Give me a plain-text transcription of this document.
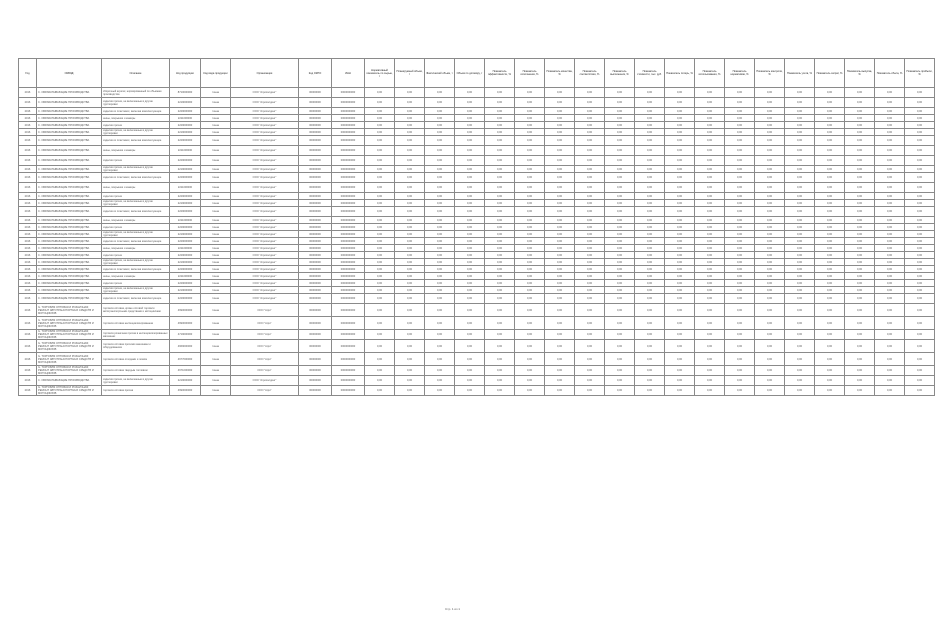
Год	ОКВЭД	Описание	Код продукции	Код вида продукции	Организация	Код ОКПО	ИНН	Нормативный показатель по сырью, т	Планируемый объем, т	Фактический объем, т	Объем по договору, т	Показатель эффективности, %	Показатель исполнения, %	Показатель качества, %	Показатель соответствия, %	Показатель выполнения, %	Показатель стоимости, тыс. руб.	Показатель потерь, %	Показатель использования, %	Показатель нормативов, %	Показатель контроля, %	Показатель учета, %	Показатель затрат, %	Показатель выпуска, %	Показатель сбыта, %	Показатель прибыли, %
2016	С. ОБРАБАТЫВАЮЩИЕ ПРОИЗВОДСТВА	сборочный агрегат, нормированный по объемам производства	8710000000	тонна	ООО "Агрохолдинг"	00000000	0000000000	0,00	0,00	0,00	0,00	0,00	0,00	0,00	0,00	0,00	0,00	0,00	0,00	0,00	0,00	0,00	0,00	0,00	0,00	0,00
2016	С. ОБРАБАТЫВАЮЩИЕ ПРОИЗВОДСТВА	изделия прочие, не включенные в другие группировки	2219000000	тонна	ООО "Агрохолдинг"	00000000	0000000000	0,00	0,00	0,00	0,00	0,00	0,00	0,00	0,00	0,00	0,00	0,00	0,00	0,00	0,00	0,00	0,00	0,00	0,00	0,00
2016	С. ОБРАБАТЫВАЮЩИЕ ПРОИЗВОДСТВА	изделия из пластмасс, включая комплектующие	2229000000	тонна	ООО "Агрохолдинг"	00000000	0000000000	0,00	0,00	0,00	0,00	0,00	0,00	0,00	0,00	0,00	0,00	0,00	0,00	0,00	0,00	0,00	0,00	0,00	0,00	0,00
2016	С. ОБРАБАТЫВАЮЩИЕ ПРОИЗВОДСТВА	шины, покрышки и камеры	2211000000	тонна	ООО "Агрохолдинг"	00000000	0000000000	0,00	0,00	0,00	0,00	0,00	0,00	0,00	0,00	0,00	0,00	0,00	0,00	0,00	0,00	0,00	0,00	0,00	0,00	0,00
2016	С. ОБРАБАТЫВАЮЩИЕ ПРОИЗВОДСТВА	изделия прочие	2229000000	тонна	ООО "Агрохолдинг"	00000000	0000000000	0,00	0,00	0,00	0,00	0,00	0,00	0,00	0,00	0,00	0,00	0,00	0,00	0,00	0,00	0,00	0,00	0,00	0,00	0,00
2016	С. ОБРАБАТЫВАЮЩИЕ ПРОИЗВОДСТВА	изделия прочие, не включенные в другие группировки	2219000000	тонна	ООО "Агрохолдинг"	00000000	0000000000	0,00	0,00	0,00	0,00	0,00	0,00	0,00	0,00	0,00	0,00	0,00	0,00	0,00	0,00	0,00	0,00	0,00	0,00	0,00
2016	С. ОБРАБАТЫВАЮЩИЕ ПРОИЗВОДСТВА	изделия из пластмасс, включая комплектующие	2229000000	тонна	ООО "Агрохолдинг"	00000000	0000000000	0,00	0,00	0,00	0,00	0,00	0,00	0,00	0,00	0,00	0,00	0,00	0,00	0,00	0,00	0,00	0,00	0,00	0,00	0,00
2016	С. ОБРАБАТЫВАЮЩИЕ ПРОИЗВОДСТВА	шины, покрышки и камеры	2211000000	тонна	ООО "Агрохолдинг"	00000000	0000000000	0,00	0,00	0,00	0,00	0,00	0,00	0,00	0,00	0,00	0,00	0,00	0,00	0,00	0,00	0,00	0,00	0,00	0,00	0,00
2016	С. ОБРАБАТЫВАЮЩИЕ ПРОИЗВОДСТВА	изделия прочие	2229000000	тонна	ООО "Агрохолдинг"	00000000	0000000000	0,00	0,00	0,00	0,00	0,00	0,00	0,00	0,00	0,00	0,00	0,00	0,00	0,00	0,00	0,00	0,00	0,00	0,00	0,00
2016	С. ОБРАБАТЫВАЮЩИЕ ПРОИЗВОДСТВА	изделия прочие, не включенные в другие группировки	2219000000	тонна	ООО "Агрохолдинг"	00000000	0000000000	0,00	0,00	0,00	0,00	0,00	0,00	0,00	0,00	0,00	0,00	0,00	0,00	0,00	0,00	0,00	0,00	0,00	0,00	0,00
2016	С. ОБРАБАТЫВАЮЩИЕ ПРОИЗВОДСТВА	изделия из пластмасс, включая комплектующие	2229000000	тонна	ООО "Агрохолдинг"	00000000	0000000000	0,00	0,00	0,00	0,00	0,00	0,00	0,00	0,00	0,00	0,00	0,00	0,00	0,00	0,00	0,00	0,00	0,00	0,00	0,00
2016	С. ОБРАБАТЫВАЮЩИЕ ПРОИЗВОДСТВА	шины, покрышки и камеры	2211000000	тонна	ООО "Агрохолдинг"	00000000	0000000000	0,00	0,00	0,00	0,00	0,00	0,00	0,00	0,00	0,00	0,00	0,00	0,00	0,00	0,00	0,00	0,00	0,00	0,00	0,00
2016	С. ОБРАБАТЫВАЮЩИЕ ПРОИЗВОДСТВА	изделия прочие	2229000000	тонна	ООО "Агрохолдинг"	00000000	0000000000	0,00	0,00	0,00	0,00	0,00	0,00	0,00	0,00	0,00	0,00	0,00	0,00	0,00	0,00	0,00	0,00	0,00	0,00	0,00
2016	С. ОБРАБАТЫВАЮЩИЕ ПРОИЗВОДСТВА	изделия прочие, не включенные в другие группировки	2219000000	тонна	ООО "Агрохолдинг"	00000000	0000000000	0,00	0,00	0,00	0,00	0,00	0,00	0,00	0,00	0,00	0,00	0,00	0,00	0,00	0,00	0,00	0,00	0,00	0,00	0,00
2016	С. ОБРАБАТЫВАЮЩИЕ ПРОИЗВОДСТВА	изделия из пластмасс, включая комплектующие	2229000000	тонна	ООО "Агрохолдинг"	00000000	0000000000	0,00	0,00	0,00	0,00	0,00	0,00	0,00	0,00	0,00	0,00	0,00	0,00	0,00	0,00	0,00	0,00	0,00	0,00	0,00
2016	С. ОБРАБАТЫВАЮЩИЕ ПРОИЗВОДСТВА	шины, покрышки и камеры	2211000000	тонна	ООО "Агрохолдинг"	00000000	0000000000	0,00	0,00	0,00	0,00	0,00	0,00	0,00	0,00	0,00	0,00	0,00	0,00	0,00	0,00	0,00	0,00	0,00	0,00	0,00
2016	С. ОБРАБАТЫВАЮЩИЕ ПРОИЗВОДСТВА	изделия прочие	2229000000	тонна	ООО "Агрохолдинг"	00000000	0000000000	0,00	0,00	0,00	0,00	0,00	0,00	0,00	0,00	0,00	0,00	0,00	0,00	0,00	0,00	0,00	0,00	0,00	0,00	0,00
2016	С. ОБРАБАТЫВАЮЩИЕ ПРОИЗВОДСТВА	изделия прочие, не включенные в другие группировки	2219000000	тонна	ООО "Агрохолдинг"	00000000	0000000000	0,00	0,00	0,00	0,00	0,00	0,00	0,00	0,00	0,00	0,00	0,00	0,00	0,00	0,00	0,00	0,00	0,00	0,00	0,00
2016	С. ОБРАБАТЫВАЮЩИЕ ПРОИЗВОДСТВА	изделия из пластмасс, включая комплектующие	2229000000	тонна	ООО "Агрохолдинг"	00000000	0000000000	0,00	0,00	0,00	0,00	0,00	0,00	0,00	0,00	0,00	0,00	0,00	0,00	0,00	0,00	0,00	0,00	0,00	0,00	0,00
2016	С. ОБРАБАТЫВАЮЩИЕ ПРОИЗВОДСТВА	шины, покрышки и камеры	2211000000	тонна	ООО "Агрохолдинг"	00000000	0000000000	0,00	0,00	0,00	0,00	0,00	0,00	0,00	0,00	0,00	0,00	0,00	0,00	0,00	0,00	0,00	0,00	0,00	0,00	0,00
2016	С. ОБРАБАТЫВАЮЩИЕ ПРОИЗВОДСТВА	изделия прочие	2229000000	тонна	ООО "Агрохолдинг"	00000000	0000000000	0,00	0,00	0,00	0,00	0,00	0,00	0,00	0,00	0,00	0,00	0,00	0,00	0,00	0,00	0,00	0,00	0,00	0,00	0,00
2016	С. ОБРАБАТЫВАЮЩИЕ ПРОИЗВОДСТВА	изделия прочие, не включенные в другие группировки	2219000000	тонна	ООО "Агрохолдинг"	00000000	0000000000	0,00	0,00	0,00	0,00	0,00	0,00	0,00	0,00	0,00	0,00	0,00	0,00	0,00	0,00	0,00	0,00	0,00	0,00	0,00
2016	С. ОБРАБАТЫВАЮЩИЕ ПРОИЗВОДСТВА	изделия из пластмасс, включая комплектующие	2229000000	тонна	ООО "Агрохолдинг"	00000000	0000000000	0,00	0,00	0,00	0,00	0,00	0,00	0,00	0,00	0,00	0,00	0,00	0,00	0,00	0,00	0,00	0,00	0,00	0,00	0,00
2016	С. ОБРАБАТЫВАЮЩИЕ ПРОИЗВОДСТВА	шины, покрышки и камеры	2211000000	тонна	ООО "Агрохолдинг"	00000000	0000000000	0,00	0,00	0,00	0,00	0,00	0,00	0,00	0,00	0,00	0,00	0,00	0,00	0,00	0,00	0,00	0,00	0,00	0,00	0,00
2016	С. ОБРАБАТЫВАЮЩИЕ ПРОИЗВОДСТВА	изделия прочие	2229000000	тонна	ООО "Агрохолдинг"	00000000	0000000000	0,00	0,00	0,00	0,00	0,00	0,00	0,00	0,00	0,00	0,00	0,00	0,00	0,00	0,00	0,00	0,00	0,00	0,00	0,00
2016	С. ОБРАБАТЫВАЮЩИЕ ПРОИЗВОДСТВА	изделия прочие, не включенные в другие группировки	2219000000	тонна	ООО "Агрохолдинг"	00000000	0000000000	0,00	0,00	0,00	0,00	0,00	0,00	0,00	0,00	0,00	0,00	0,00	0,00	0,00	0,00	0,00	0,00	0,00	0,00	0,00
2016	С. ОБРАБАТЫВАЮЩИЕ ПРОИЗВОДСТВА	изделия из пластмасс, включая комплектующие	2229000000	тонна	ООО "Агрохолдинг"	00000000	0000000000	0,00	0,00	0,00	0,00	0,00	0,00	0,00	0,00	0,00	0,00	0,00	0,00	0,00	0,00	0,00	0,00	0,00	0,00	0,00
2016	G. ТОРГОВЛЯ ОПТОВАЯ И РОЗНИЧНАЯ; РЕМОНТ АВТОТРАНСПОРТНЫХ СРЕДСТВ И МОТОЦИКЛОВ	торговля оптовая, кроме оптовой торговли автотранспортными средствами и мотоциклами	4690000000	тонна	ООО "Агро"	00000000	0000000000	0,00	0,00	0,00	0,00	0,00	0,00	0,00	0,00	0,00	0,00	0,00	0,00	0,00	0,00	0,00	0,00	0,00	0,00	0,00
2016	G. ТОРГОВЛЯ ОПТОВАЯ И РОЗНИЧНАЯ; РЕМОНТ АВТОТРАНСПОРТНЫХ СРЕДСТВ И МОТОЦИКЛОВ	торговля оптовая неспециализированная	4690000000	тонна	ООО "Агро"	00000000	0000000000	0,00	0,00	0,00	0,00	0,00	0,00	0,00	0,00	0,00	0,00	0,00	0,00	0,00	0,00	0,00	0,00	0,00	0,00	0,00
2016	G. ТОРГОВЛЯ ОПТОВАЯ И РОЗНИЧНАЯ; РЕМОНТ АВТОТРАНСПОРТНЫХ СРЕДСТВ И МОТОЦИКЛОВ	торговля розничная прочая в неспециализированных магазинах	4719000000	тонна	ООО "Агро"	00000000	0000000000	0,00	0,00	0,00	0,00	0,00	0,00	0,00	0,00	0,00	0,00	0,00	0,00	0,00	0,00	0,00	0,00	0,00	0,00	0,00
2016	G. ТОРГОВЛЯ ОПТОВАЯ И РОЗНИЧНАЯ; РЕМОНТ АВТОТРАНСПОРТНЫХ СРЕДСТВ И МОТОЦИКЛОВ	торговля оптовая прочими машинами и оборудованием	4669000000	тонна	ООО "Агро"	00000000	0000000000	0,00	0,00	0,00	0,00	0,00	0,00	0,00	0,00	0,00	0,00	0,00	0,00	0,00	0,00	0,00	0,00	0,00	0,00	0,00
2016	G. ТОРГОВЛЯ ОПТОВАЯ И РОЗНИЧНАЯ; РЕМОНТ АВТОТРАНСПОРТНЫХ СРЕДСТВ И МОТОЦИКЛОВ	торговля оптовая отходами и ломом	4677000000	тонна	ООО "Агро"	00000000	0000000000	0,00	0,00	0,00	0,00	0,00	0,00	0,00	0,00	0,00	0,00	0,00	0,00	0,00	0,00	0,00	0,00	0,00	0,00	0,00
2016	G. ТОРГОВЛЯ ОПТОВАЯ И РОЗНИЧНАЯ; РЕМОНТ АВТОТРАНСПОРТНЫХ СРЕДСТВ И МОТОЦИКЛОВ	торговля оптовая твердым топливом	4671000000	тонна	ООО "Агро"	00000000	0000000000	0,00	0,00	0,00	0,00	0,00	0,00	0,00	0,00	0,00	0,00	0,00	0,00	0,00	0,00	0,00	0,00	0,00	0,00	0,00
2016	С. ОБРАБАТЫВАЮЩИЕ ПРОИЗВОДСТВА	изделия прочие, не включенные в другие группировки	2219000000	тонна	ООО "Агрохолдинг"	00000000	0000000000	0,00	0,00	0,00	0,00	0,00	0,00	0,00	0,00	0,00	0,00	0,00	0,00	0,00	0,00	0,00	0,00	0,00	0,00	0,00
2016	G. ТОРГОВЛЯ ОПТОВАЯ И РОЗНИЧНАЯ; РЕМОНТ АВТОТРАНСПОРТНЫХ СРЕДСТВ И МОТОЦИКЛОВ	торговля оптовая прочая	4690000000	тонна	ООО "Агро"	00000000	0000000000	0,00	0,00	0,00	0,00	0,00	0,00	0,00	0,00	0,00	0,00	0,00	0,00	0,00	0,00	0,00	0,00	0,00	0,00	0,00
Стр. 1 из 1
